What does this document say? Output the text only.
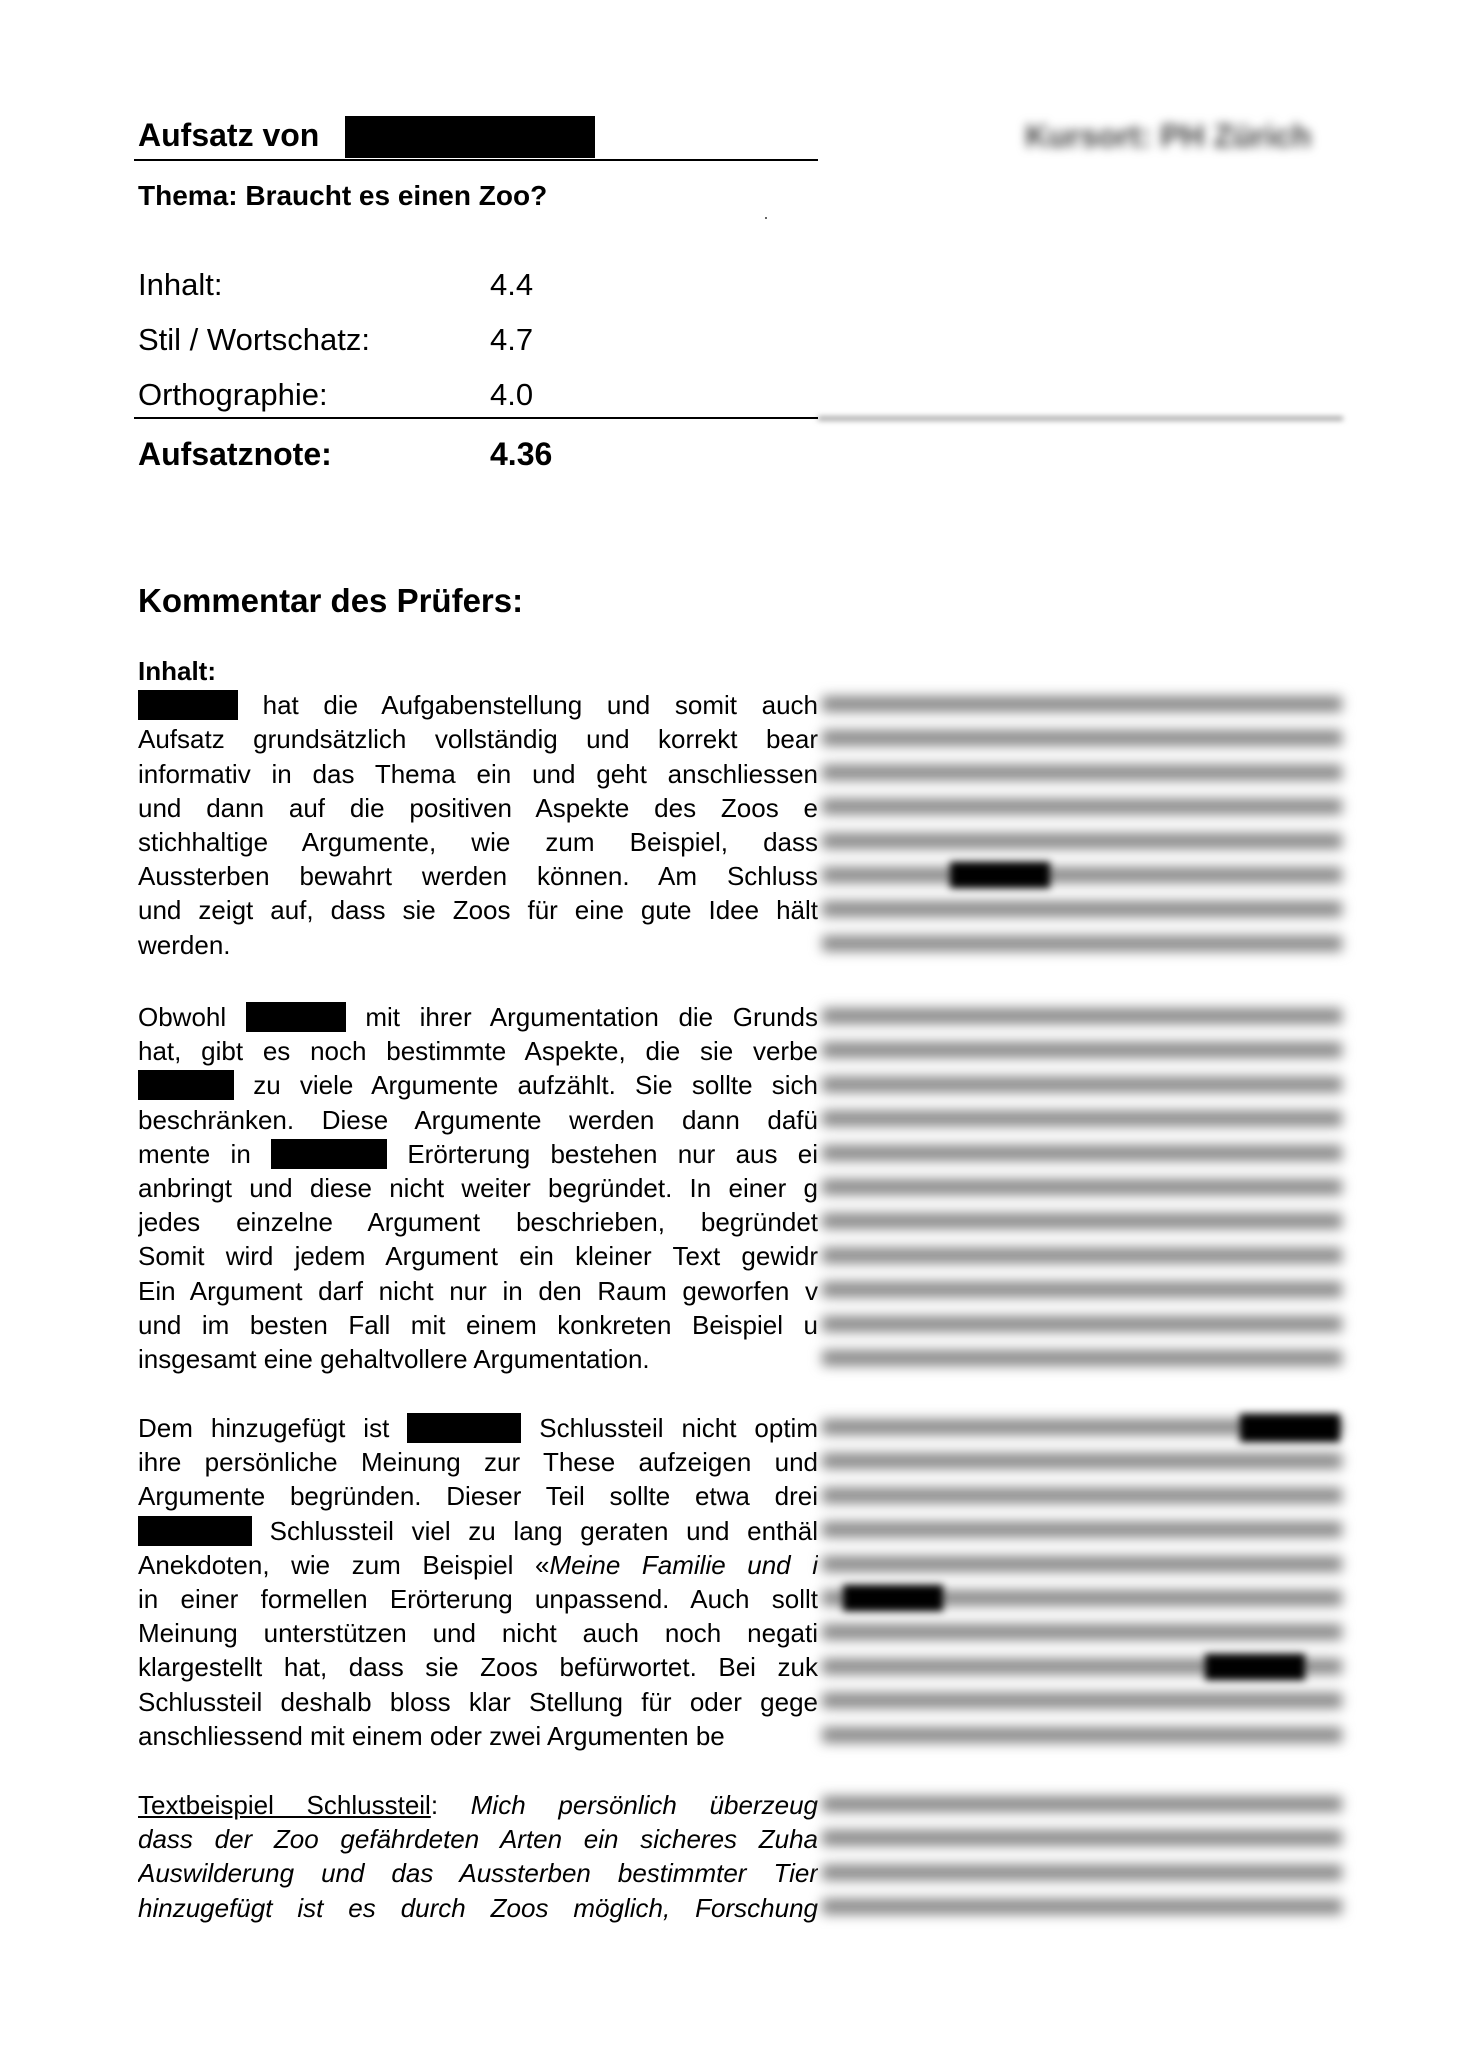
Aufsatz von
Thema: Braucht es einen Zoo?
Kursort: PH Zürich
Inhalt:	4.4
Stil / Wortschatz:	4.7
Orthographie:	4.0
Aufsatznote:	4.36
Kommentar des Prüfers:
Inhalt:
hat die Aufgabenstellung und somit auch
Aufsatz grundsätzlich vollständig und korrekt bear
informativ in das Thema ein und geht anschliessen
und dann auf die positiven Aspekte des Zoos e
stichhaltige Argumente, wie zum Beispiel, dass
Aussterben bewahrt werden können. Am Schluss
und zeigt auf, dass sie Zoos für eine gute Idee hält
werden.
Obwohl	mit ihrer Argumentation die Grunds
hat, gibt es noch bestimmte Aspekte, die sie verbe
zu viele Argumente aufzählt. Sie sollte sich
beschränken. Diese Argumente werden dann dafü
mente in	Erörterung bestehen nur aus ei
anbringt und diese nicht weiter begründet. In einer g
jedes einzelne Argument beschrieben, begründet
Somit wird jedem Argument ein kleiner Text gewidr
Ein Argument darf nicht nur in den Raum geworfen v
und im besten Fall mit einem konkreten Beispiel u
insgesamt eine gehaltvollere Argumentation.
Dem hinzugefügt ist	Schlussteil nicht optim
ihre persönliche Meinung zur These aufzeigen und
Argumente begründen. Dieser Teil sollte etwa drei
Schlussteil viel zu lang geraten und enthäl
Anekdoten, wie zum Beispiel «Meine Familie und i
in einer formellen Erörterung unpassend. Auch sollt
Meinung unterstützen und nicht auch noch negati
klargestellt hat, dass sie Zoos befürwortet. Bei zuk
Schlussteil deshalb bloss klar Stellung für oder gege
anschliessend mit einem oder zwei Argumenten be
Textbeispiel Schlussteil: Mich persönlich überzeug
dass der Zoo gefährdeten Arten ein sicheres Zuha
Auswilderung und das Aussterben bestimmter Tier
hinzugefügt ist es durch Zoos möglich, Forschung
